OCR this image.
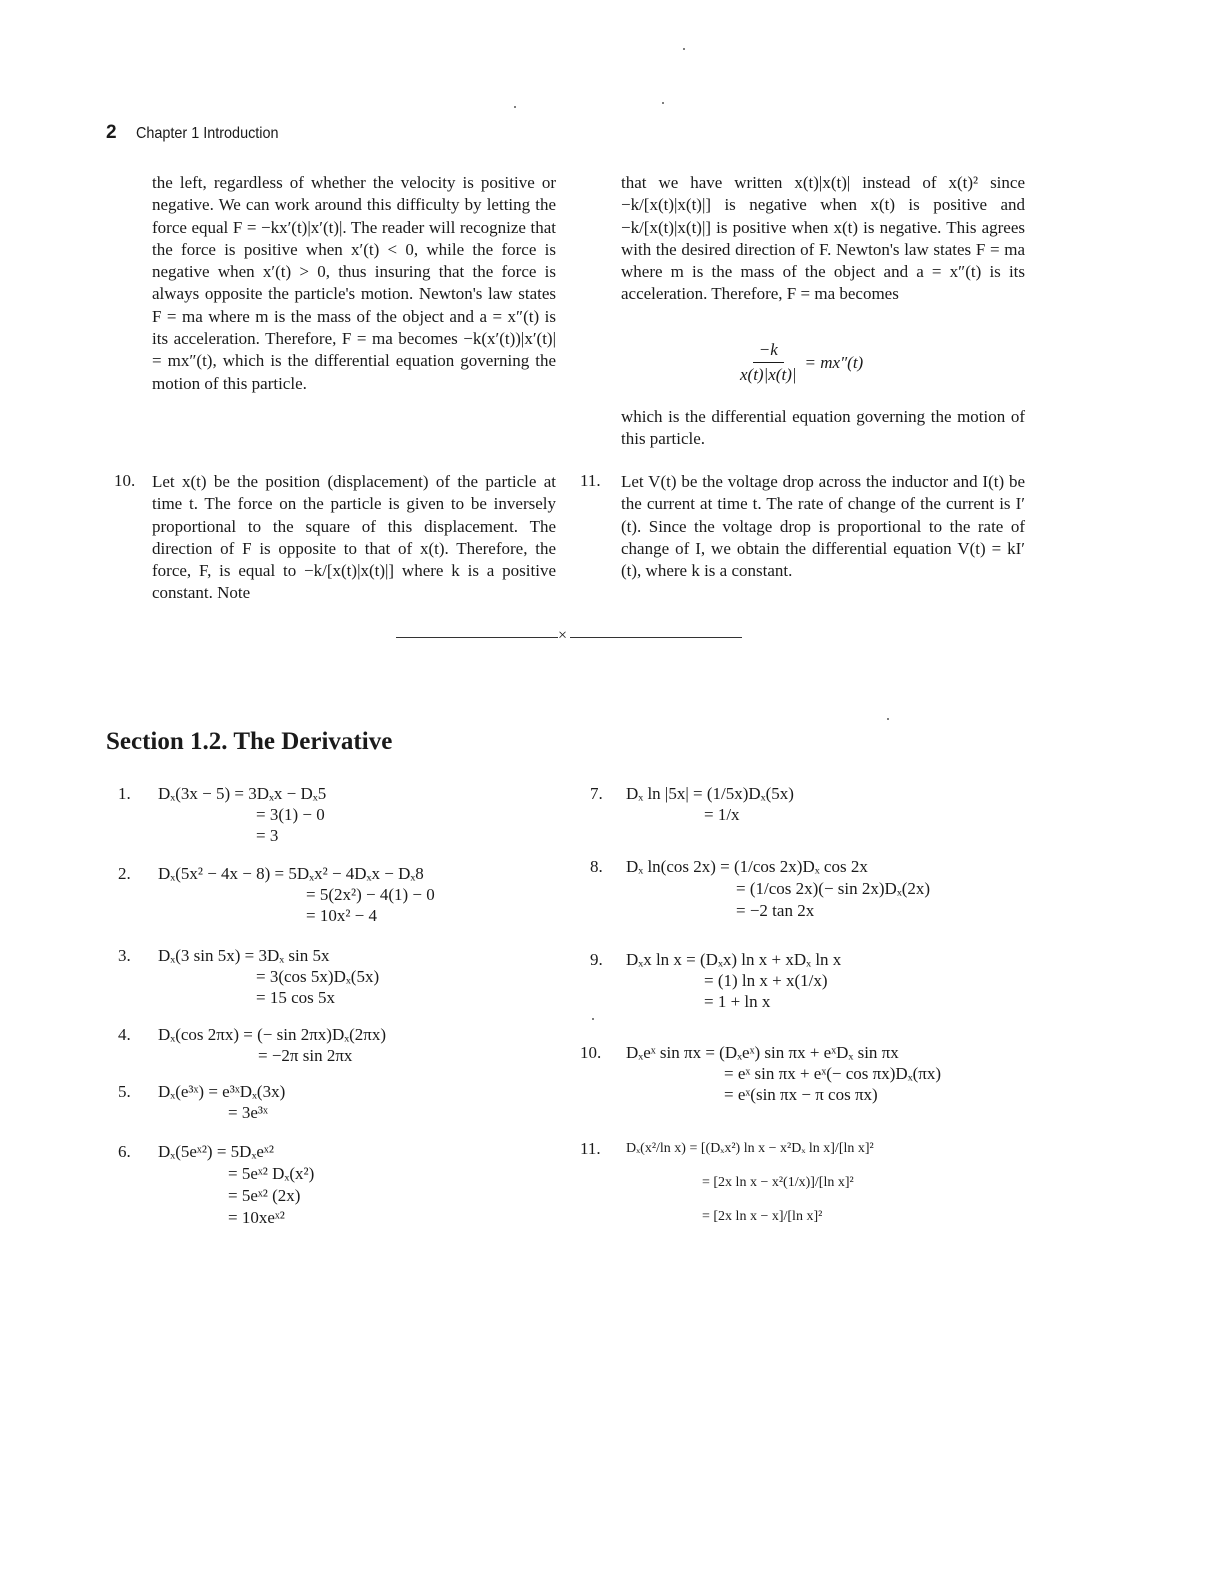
2 Chapter 1 Introduction

the left, regardless of whether the velocity is positive or negative. We can work around this difficulty by letting the force equal F = −kx′(t)|x′(t)|. The reader will recognize that the force is positive when x′(t) < 0, while the force is negative when x′(t) > 0, thus insuring that the force is always opposite the particle's motion. Newton's law states F = ma where m is the mass of the object and a = x″(t) is its acceleration. Therefore, F = ma becomes −k(x′(t))|x′(t)| = mx″(t), which is the differential equation governing the motion of this particle.

10. Let x(t) be the position (displacement) of the particle at time t. The force on the particle is given to be inversely proportional to the square of this displacement. The direction of F is opposite to that of x(t). Therefore, the force, F, is equal to −k/[x(t)|x(t)|] where k is a positive constant. Note

that we have written x(t)|x(t)| instead of x(t)² since −k/[x(t)|x(t)|] is negative when x(t) is positive and −k/[x(t)|x(t)|] is positive when x(t) is negative. This agrees with the desired direction of F. Newton's law states F = ma where m is the mass of the object and a = x″(t) is its acceleration. Therefore, F = ma becomes

$\frac{-k}{x(t)|x(t)|} = mx''(t)$

which is the differential equation governing the motion of this particle.

11. Let V(t) be the voltage drop across the inductor and I(t) be the current at time t. The rate of change of the current is I′(t). Since the voltage drop is proportional to the rate of change of I, we obtain the differential equation V(t) = kI′(t), where k is a constant.

×
Section 1.2. The Derivative
1. Dₓ(3x − 5) = 3Dₓx − Dₓ5
= 3(1) − 0
= 3
2. Dₓ(5x² − 4x − 8) = 5Dₓx² − 4Dₓx − Dₓ8
= 5(2x²) − 4(1) − 0
= 10x² − 4
3. Dₓ(3 sin 5x) = 3Dₓ sin 5x
= 3(cos 5x)Dₓ(5x)
= 15 cos 5x
4. Dₓ(cos 2πx) = (− sin 2πx)Dₓ(2πx)
= −2π sin 2πx
5. Dₓ(e³ˣ) = e³ˣDₓ(3x)
= 3e³ˣ
6. Dₓ(5eˣ²) = 5Dₓeˣ²
= 5eˣ² Dₓ(x²)
= 5eˣ² (2x)
= 10xeˣ²
7. Dₓ ln |5x| = (1/5x)Dₓ(5x)
= 1/x
8. Dₓ ln(cos 2x) = (1/cos 2x)Dₓ cos 2x
= (1/cos 2x)(− sin 2x)Dₓ(2x)
= −2 tan 2x
9. Dₓx ln x = (Dₓx) ln x + xDₓ ln x
= (1) ln x + x(1/x)
= 1 + ln x
10. Dₓeˣ sin πx = (Dₓeˣ) sin πx + eˣDₓ sin πx
= eˣ sin πx + eˣ(− cos πx)Dₓ(πx)
= eˣ(sin πx − π cos πx)
11. Dₓ(x²/ln x) = [(Dₓx²) ln x − x²Dₓ ln x]/[ln x]²
= [2x ln x − x²(1/x)]/[ln x]²
= [2x ln x − x]/[ln x]²
